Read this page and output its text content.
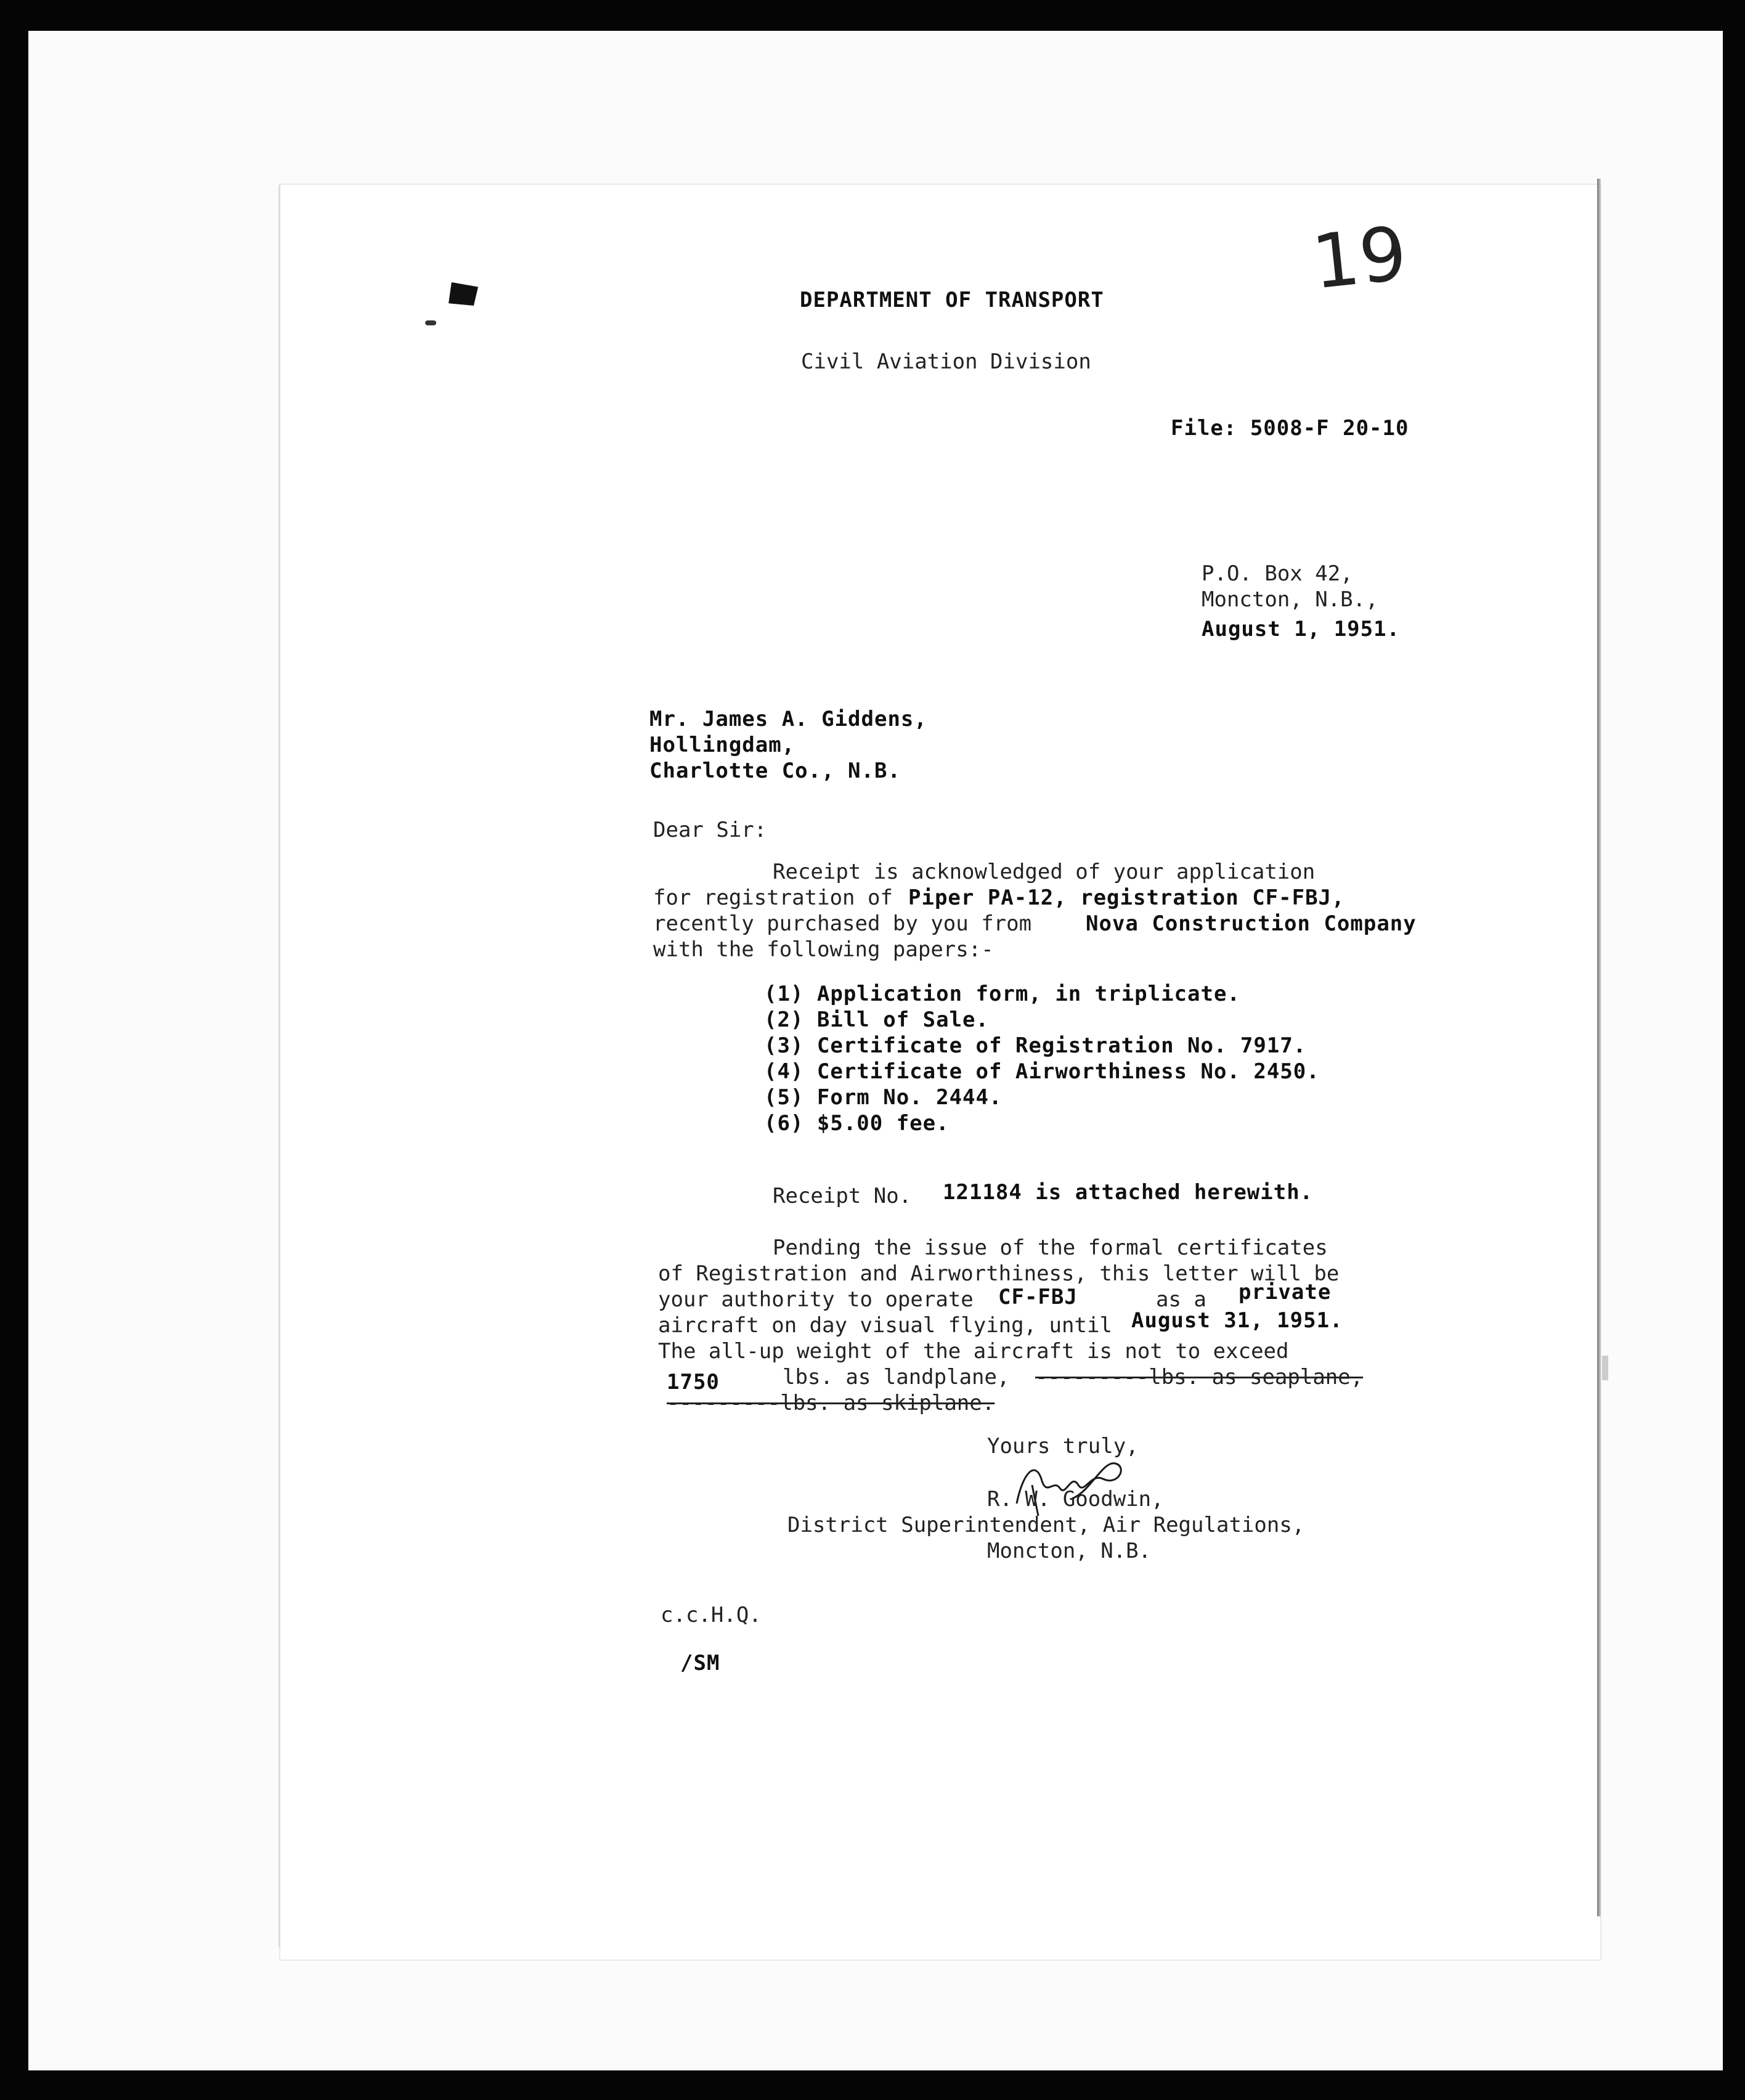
19
DEPARTMENT OF TRANSPORT
Civil Aviation Division
File: 5008-F 20-10
P.O. Box 42,
Moncton, N.B.,
August 1, 1951.
Mr. James A. Giddens,
Hollingdam,
Charlotte Co., N.B.
Dear Sir:
Receipt is acknowledged of your application
for registration of Piper PA-12, registration CF-FBJ,
recently purchased by you from	Nova Construction Company
with the following papers:-
(1) Application form, in triplicate.
(2) Bill of Sale.
(3) Certificate of Registration No. 7917.
(4) Certificate of Airworthiness No. 2450.
(5) Form No. 2444.
(6) $5.00 fee.
Receipt No. 121184 is attached herewith.
Pending the issue of the formal certificates
of Registration and Airworthiness, this letter will be
your authority to operate CF-FBJ	as a private
aircraft on day visual flying, until August 31, 1951.
The all-up weight of the aircraft is not to exceed
1750	lbs. as landplane, ---------lbs. as seaplane,
---------lbs. as skiplane.
Yours truly,
R. W. Goodwin,
District Superintendent, Air Regulations,
Moncton, N.B.
c.c.H.Q.
/SM
